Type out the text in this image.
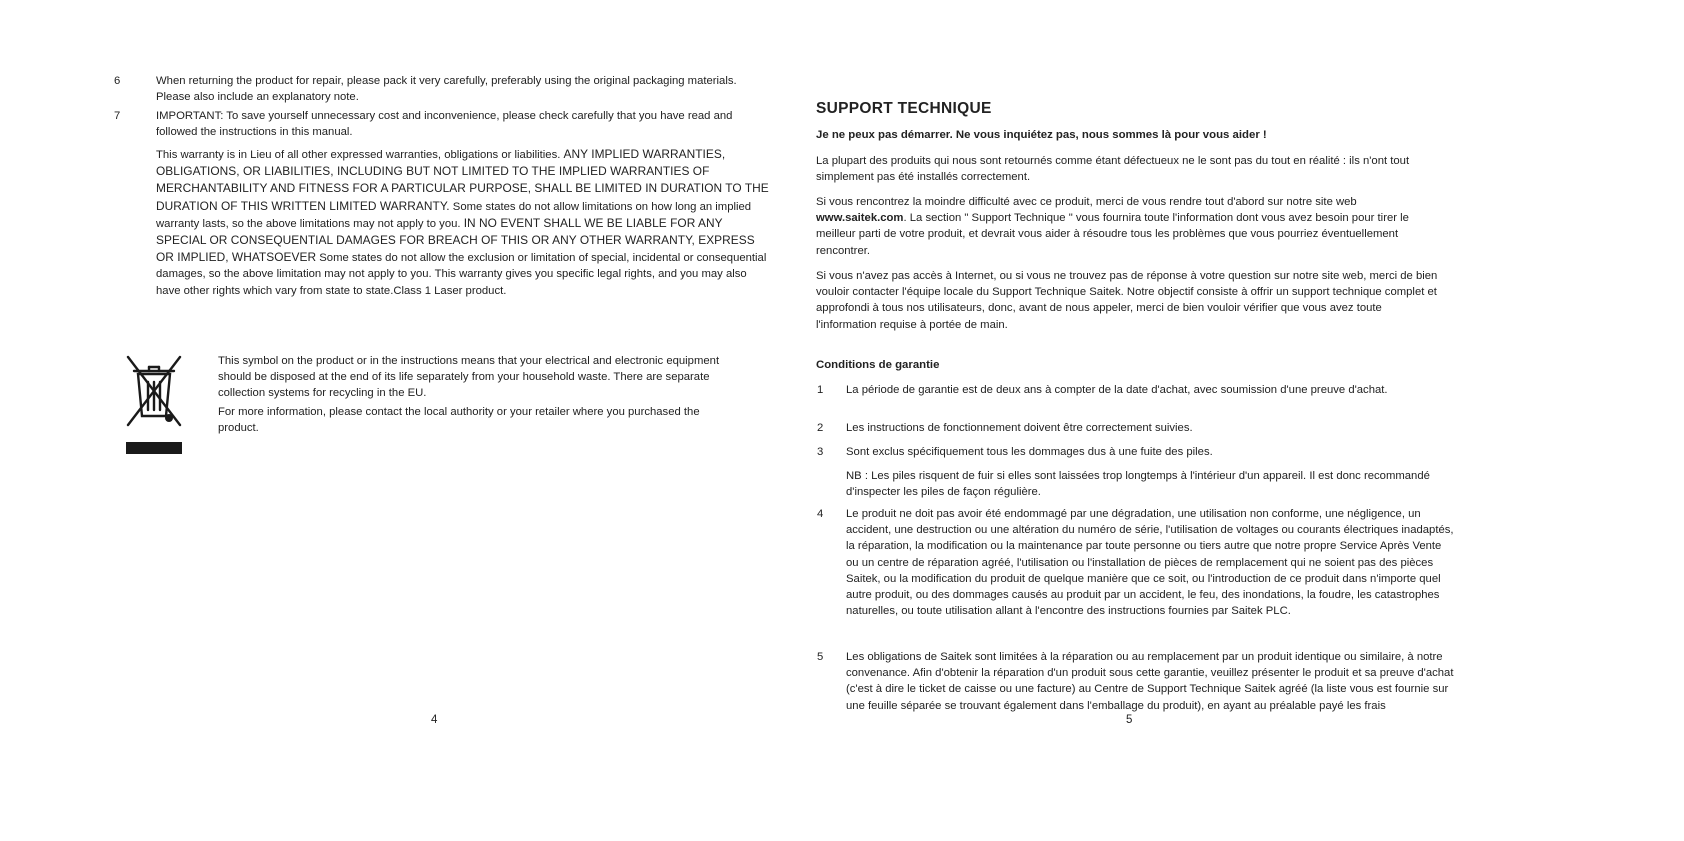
6	When returning the product for repair, please pack it very carefully, preferably using the original packaging materials. Please also include an explanatory note.

7	IMPORTANT: To save yourself unnecessary cost and inconvenience, please check carefully that you have read and followed the instructions in this manual.

This warranty is in Lieu of all other expressed warranties, obligations or liabilities. ANY IMPLIED WARRANTIES, OBLIGATIONS, OR LIABILITIES, INCLUDING BUT NOT LIMITED TO THE IMPLIED WARRANTIES OF MERCHANTABILITY AND FITNESS FOR A PARTICULAR PURPOSE, SHALL BE LIMITED IN DURATION TO THE DURATION OF THIS WRITTEN LIMITED WARRANTY. Some states do not allow limitations on how long an implied warranty lasts, so the above limitations may not apply to you. IN NO EVENT SHALL WE BE LIABLE FOR ANY SPECIAL OR CONSEQUENTIAL DAMAGES FOR BREACH OF THIS OR ANY OTHER WARRANTY, EXPRESS OR IMPLIED, WHATSOEVER Some states do not allow the exclusion or limitation of special, incidental or consequential damages, so the above limitation may not apply to you. This warranty gives you specific legal rights, and you may also have other rights which vary from state to state.Class 1 Laser product.

This symbol on the product or in the instructions means that your electrical and electronic equipment should be disposed at the end of its life separately from your household waste. There are separate collection systems for recycling in the EU.

For more information, please contact the local authority or your retailer where you purchased the product.

4
SUPPORT TECHNIQUE
Je ne peux pas démarrer. Ne vous inquiétez pas, nous sommes là pour vous aider !

La plupart des produits qui nous sont retournés comme étant défectueux ne le sont pas du tout en réalité : ils n'ont tout simplement pas été installés correctement.

Si vous rencontrez la moindre difficulté avec ce produit, merci de vous rendre tout d'abord sur notre site web www.saitek.com. La section " Support Technique " vous fournira toute l'information dont vous avez besoin pour tirer le meilleur parti de votre produit, et devrait vous aider à résoudre tous les problèmes que vous pourriez éventuellement rencontrer.

Si vous n'avez pas accès à Internet, ou si vous ne trouvez pas de réponse à votre question sur notre site web, merci de bien vouloir contacter l'équipe locale du Support Technique Saitek. Notre objectif consiste à offrir un support technique complet et approfondi à tous nos utilisateurs, donc, avant de nous appeler, merci de bien vouloir vérifier que vous avez toute l'information requise à portée de main.

Conditions de garantie
1 La période de garantie est de deux ans à compter de la date d'achat, avec soumission d'une preuve d'achat.

2 Les instructions de fonctionnement doivent être correctement suivies.

3 Sont exclus spécifiquement tous les dommages dus à une fuite des piles.

NB : Les piles risquent de fuir si elles sont laissées trop longtemps à l'intérieur d'un appareil. Il est donc recommandé d'inspecter les piles de façon régulière.

4 Le produit ne doit pas avoir été endommagé par une dégradation, une utilisation non conforme, une négligence, un accident, une destruction ou une altération du numéro de série, l'utilisation de voltages ou courants électriques inadaptés, la réparation, la modification ou la maintenance par toute personne ou tiers autre que notre propre Service Après Vente ou un centre de réparation agréé, l'utilisation ou l'installation de pièces de remplacement qui ne soient pas des pièces Saitek, ou la modification du produit de quelque manière que ce soit, ou l'introduction de ce produit dans n'importe quel autre produit, ou des dommages causés au produit par un accident, le feu, des inondations, la foudre, les catastrophes naturelles, ou toute utilisation allant à l'encontre des instructions fournies par Saitek PLC.

5 Les obligations de Saitek sont limitées à la réparation ou au remplacement par un produit identique ou similaire, à notre convenance. Afin d'obtenir la réparation d'un produit sous cette garantie, veuillez présenter le produit et sa preuve d'achat (c'est à dire le ticket de caisse ou une facture) au Centre de Support Technique Saitek agréé (la liste vous est fournie sur une feuille séparée se trouvant également dans l'emballage du produit), en ayant au préalable payé les frais

5
